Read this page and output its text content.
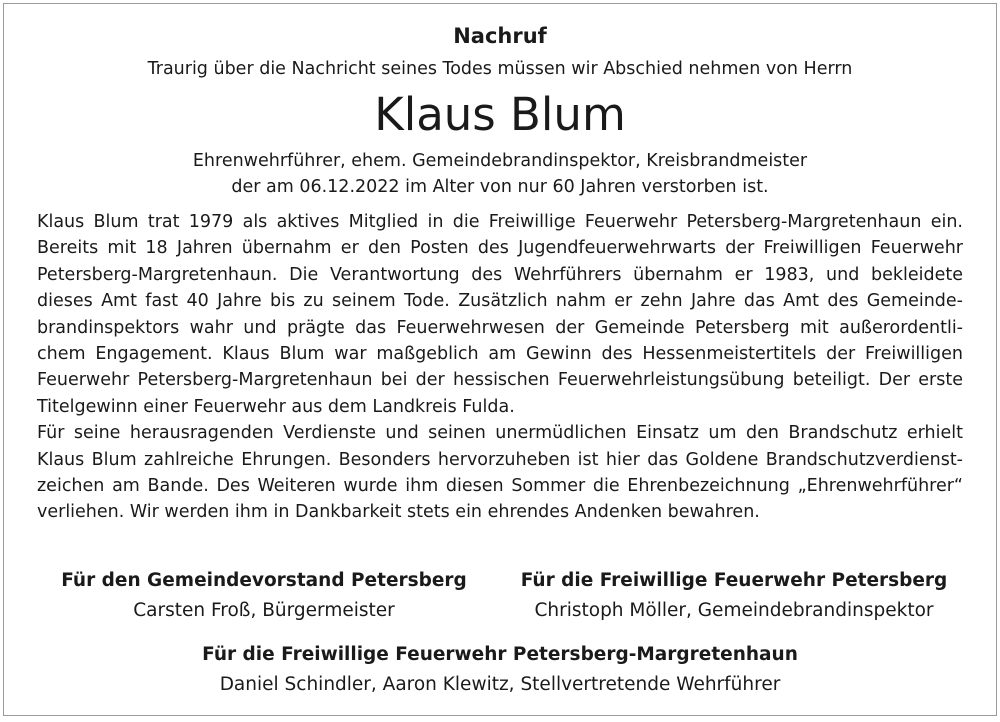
Nachruf
Traurig über die Nachricht seines Todes müssen wir Abschied nehmen von Herrn
Klaus Blum
Ehrenwehrführer, ehem. Gemeindebrandinspektor, Kreisbrandmeister
der am 06.12.2022 im Alter von nur 60 Jahren verstorben ist.
Klaus Blum trat 1979 als aktives Mitglied in die Freiwillige Feuerwehr Petersberg-Margretenhaun ein.
Bereits mit 18 Jahren übernahm er den Posten des Jugendfeuerwehrwarts der Freiwilligen Feuerwehr
Petersberg-Margretenhaun. Die Verantwortung des Wehrführers übernahm er 1983, und bekleidete
dieses Amt fast 40 Jahre bis zu seinem Tode. Zusätzlich nahm er zehn Jahre das Amt des Gemeinde-
brandinspektors wahr und prägte das Feuerwehrwesen der Gemeinde Petersberg mit außerordentli-
chem Engagement. Klaus Blum war maßgeblich am Gewinn des Hessenmeistertitels der Freiwilligen
Feuerwehr Petersberg-Margretenhaun bei der hessischen Feuerwehrleistungsübung beteiligt. Der erste
Titelgewinn einer Feuerwehr aus dem Landkreis Fulda.
Für seine herausragenden Verdienste und seinen unermüdlichen Einsatz um den Brandschutz erhielt
Klaus Blum zahlreiche Ehrungen. Besonders hervorzuheben ist hier das Goldene Brandschutzverdienst-
zeichen am Bande. Des Weiteren wurde ihm diesen Sommer die Ehrenbezeichnung „Ehrenwehrführer“
verliehen. Wir werden ihm in Dankbarkeit stets ein ehrendes Andenken bewahren.
Für den Gemeindevorstand Petersberg
Carsten Froß, Bürgermeister
Für die Freiwillige Feuerwehr Petersberg
Christoph Möller, Gemeindebrandinspektor
Für die Freiwillige Feuerwehr Petersberg-Margretenhaun
Daniel Schindler, Aaron Klewitz, Stellvertretende Wehrführer
